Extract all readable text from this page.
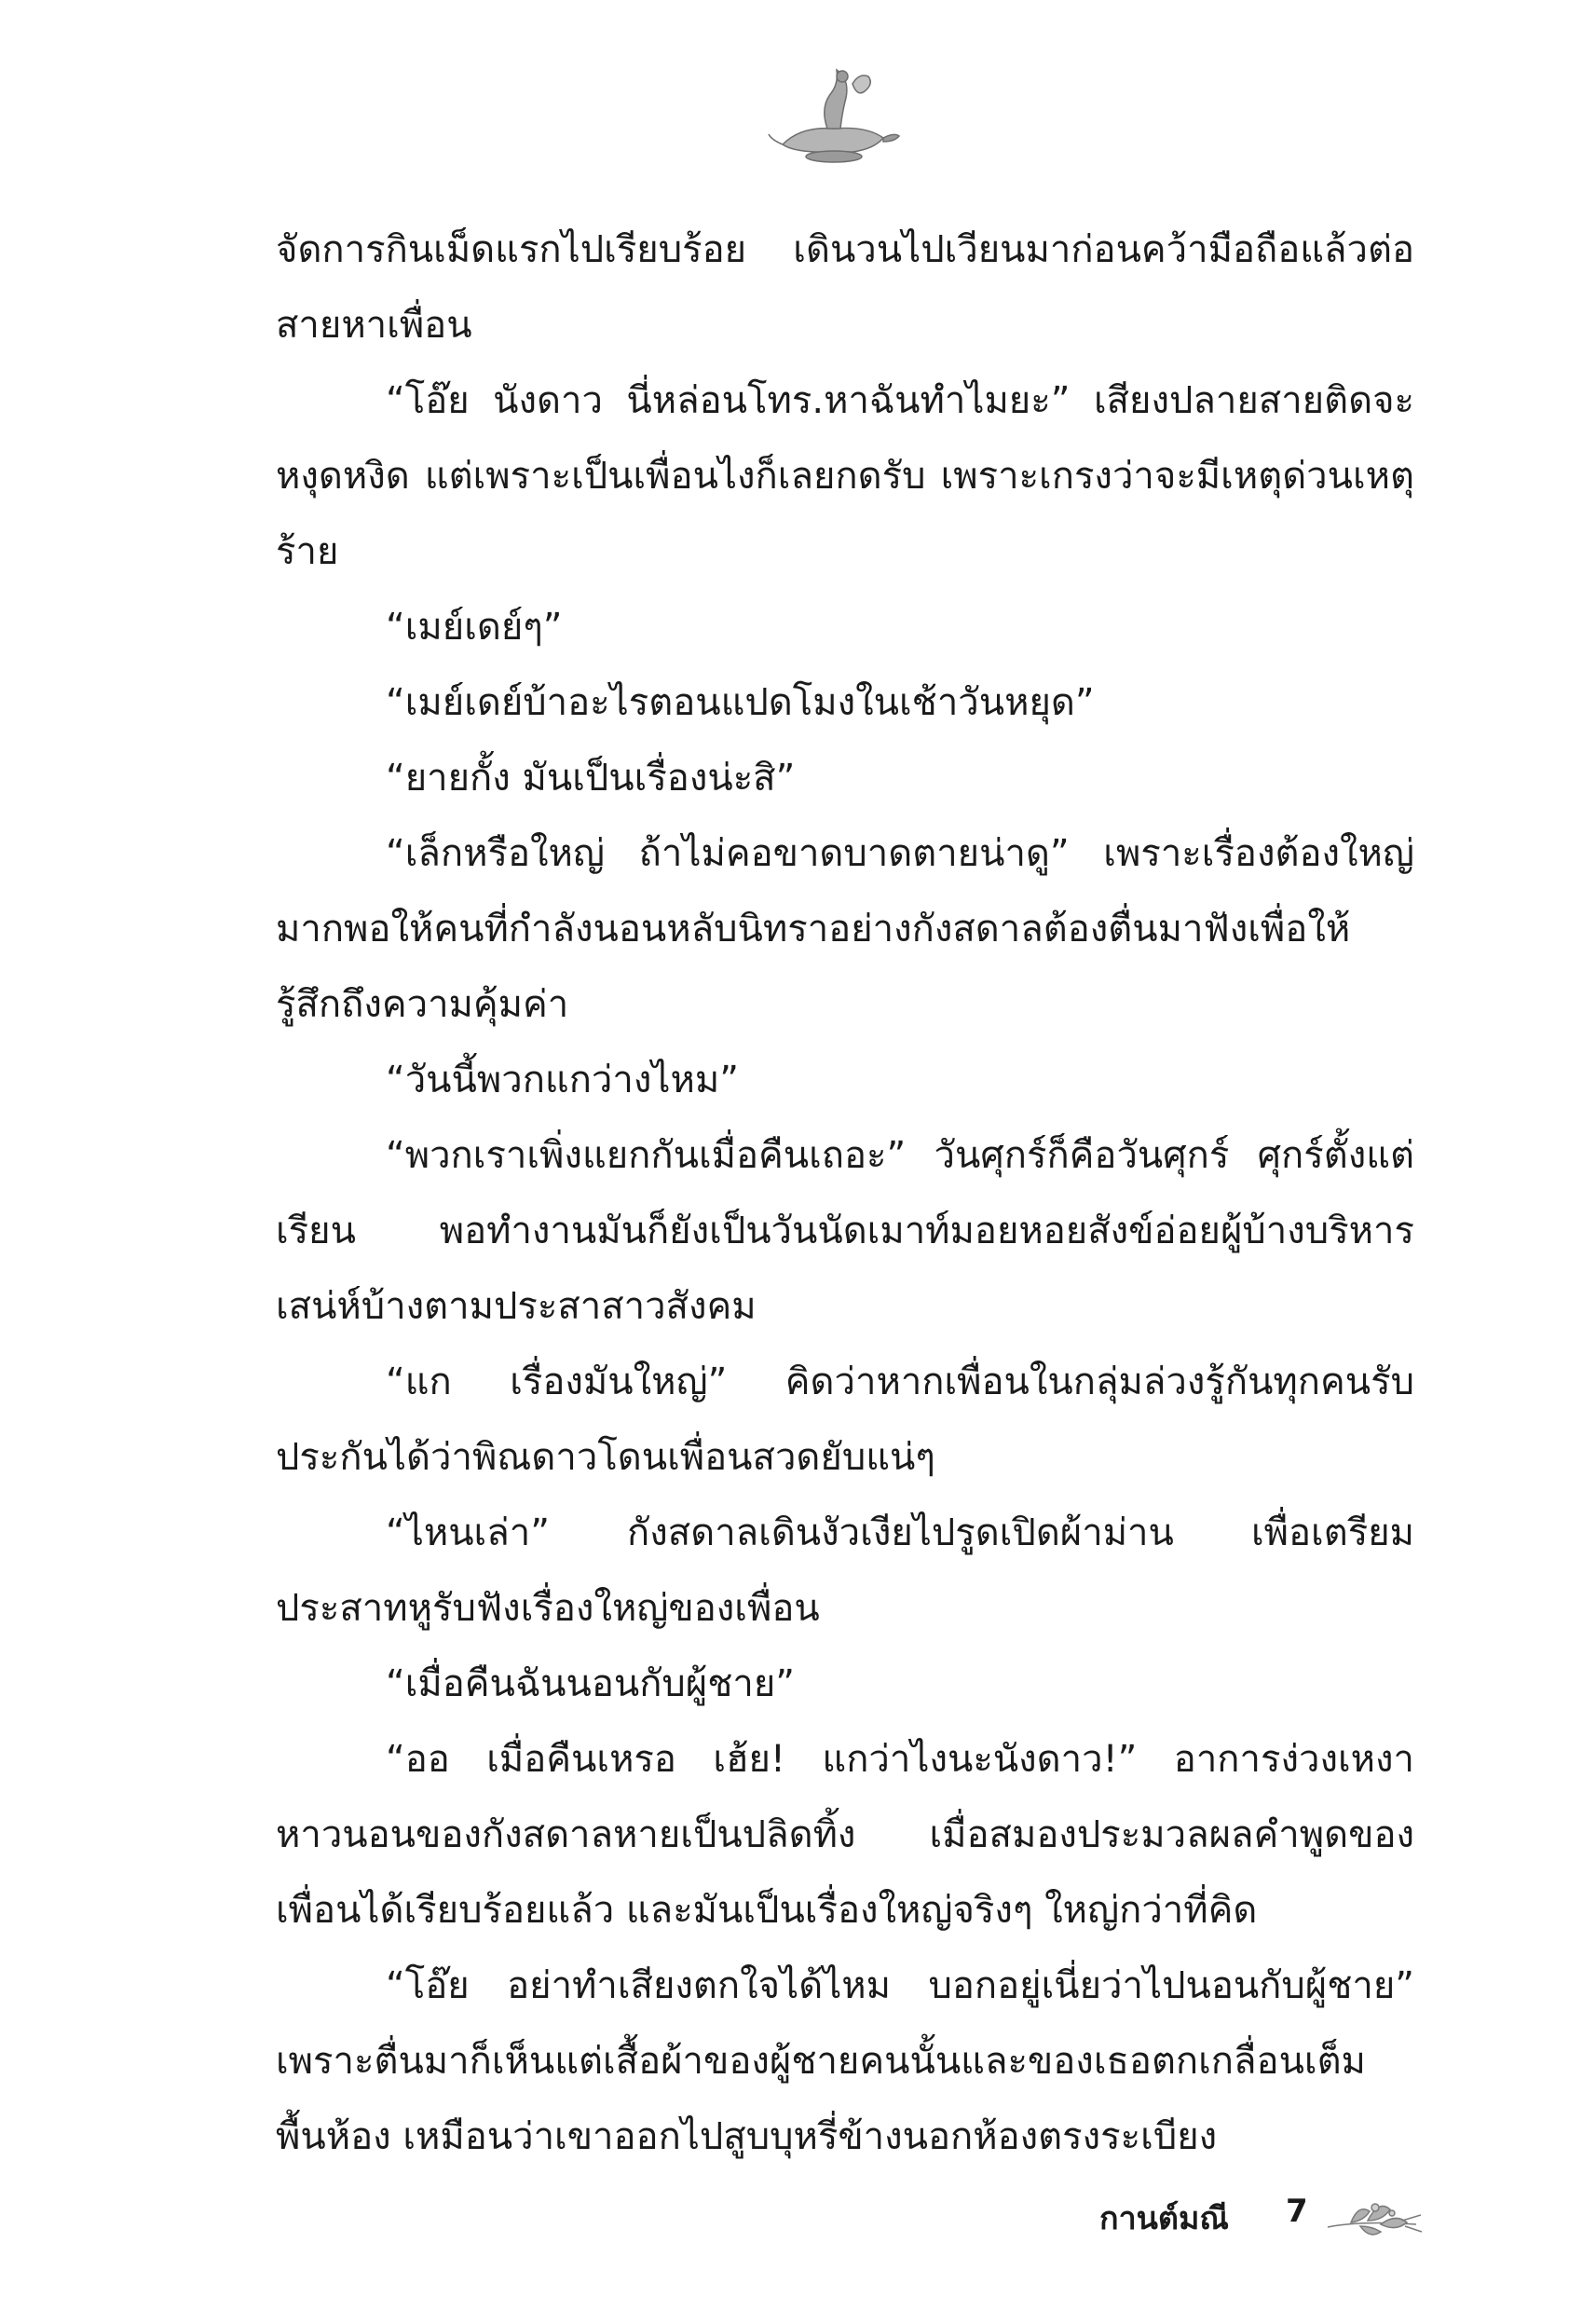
จัดการกินเม็ดแรกไปเรียบร้อย เดินวนไปเวียนมาก่อนคว้ามือถือแล้วต่อสายหาเพื่อน

“โอ๊ย นังดาว นี่หล่อนโทร.หาฉันทำไมยะ” เสียงปลายสายติดจะหงุดหงิด แต่เพราะเป็นเพื่อนไงก็เลยกดรับ เพราะเกรงว่าจะมีเหตุด่วนเหตุร้าย

“เมย์เดย์ๆ”

“เมย์เดย์บ้าอะไรตอนแปดโมงในเช้าวันหยุด”

“ยายกั้ง มันเป็นเรื่องน่ะสิ”

“เล็กหรือใหญ่ ถ้าไม่คอขาดบาดตายน่าดู” เพราะเรื่องต้องใหญ่มากพอให้คนที่กำลังนอนหลับนิทราอย่างกังสดาลต้องตื่นมาฟังเพื่อให้รู้สึกถึงความคุ้มค่า

“วันนี้พวกแกว่างไหม”

“พวกเราเพิ่งแยกกันเมื่อคืนเถอะ” วันศุกร์ก็คือวันศุกร์ ศุกร์ตั้งแต่เรียน พอทำงานมันก็ยังเป็นวันนัดเมาท์มอยหอยสังข์อ่อยผู้บ้างบริหารเสน่ห์บ้างตามประสาสาวสังคม

“แก เรื่องมันใหญ่” คิดว่าหากเพื่อนในกลุ่มล่วงรู้กันทุกคนรับประกันได้ว่าพิณดาวโดนเพื่อนสวดยับแน่ๆ

“ไหนเล่า” กังสดาลเดินงัวเงียไปรูดเปิดผ้าม่าน เพื่อเตรียมประสาทหูรับฟังเรื่องใหญ่ของเพื่อน

“เมื่อคืนฉันนอนกับผู้ชาย”

“ออ เมื่อคืนเหรอ เฮ้ย! แกว่าไงนะนังดาว!” อาการง่วงเหงาหาวนอนของกังสดาลหายเป็นปลิดทิ้ง เมื่อสมองประมวลผลคำพูดของเพื่อนได้เรียบร้อยแล้ว และมันเป็นเรื่องใหญ่จริงๆ ใหญ่กว่าที่คิด

“โอ๊ย อย่าทำเสียงตกใจได้ไหม บอกอยู่เนี่ยว่าไปนอนกับผู้ชาย” เพราะตื่นมาก็เห็นแต่เสื้อผ้าของผู้ชายคนนั้นและของเธอตกเกลื่อนเต็มพื้นห้อง เหมือนว่าเขาออกไปสูบบุหรี่ข้างนอกห้องตรงระเบียง

กานต์มณี 7
